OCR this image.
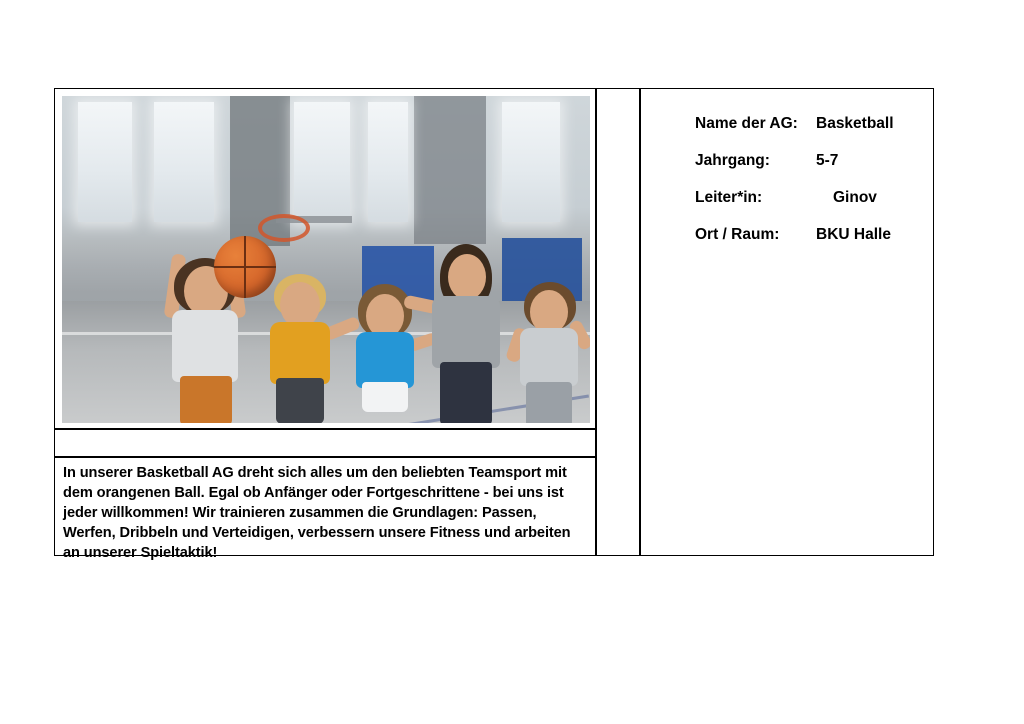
In unserer Basketball AG dreht sich alles um den beliebten Teamsport mit dem orangenen Ball. Egal ob Anfänger oder Fortgeschrittene - bei uns ist jeder willkommen! Wir trainieren zusammen die Grundlagen: Passen, Werfen, Dribbeln und Verteidigen, verbessern unsere Fitness und arbeiten an unserer Spieltaktik!

Name der AG:	Basketball
Jahrgang:	5-7
Leiter*in:	Ginov
Ort / Raum:	BKU Halle
